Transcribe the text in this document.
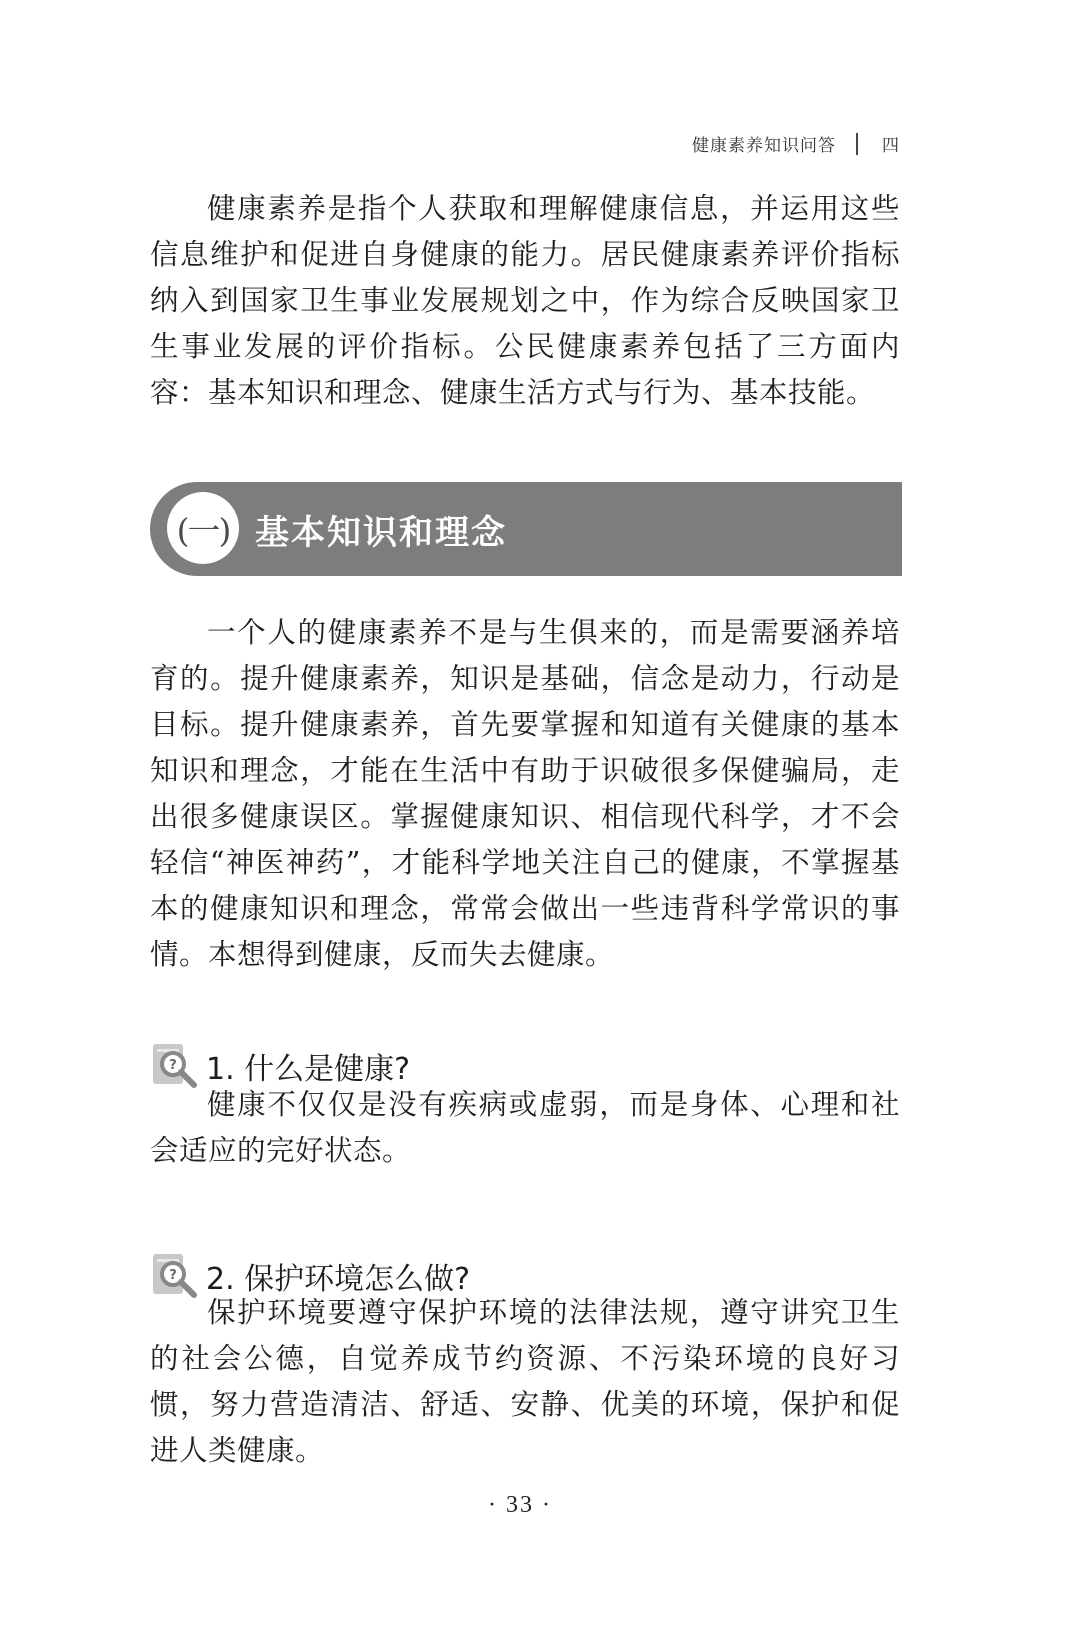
健康素养知识问答	四

健康素养是指个人获取和理解健康信息，并运用这些信息维护和促进自身健康的能力。居民健康素养评价指标纳入到国家卫生事业发展规划之中，作为综合反映国家卫生事业发展的评价指标。公民健康素养包括了三方面内容：基本知识和理念、健康生活方式与行为、基本技能。

(一) 基本知识和理念

一个人的健康素养不是与生俱来的，而是需要涵养培育的。提升健康素养，知识是基础，信念是动力，行动是目标。提升健康素养，首先要掌握和知道有关健康的基本知识和理念，才能在生活中有助于识破很多保健骗局，走出很多健康误区。掌握健康知识、相信现代科学，才不会轻信“神医神药”，才能科学地关注自己的健康，不掌握基本的健康知识和理念，常常会做出一些违背科学常识的事情。本想得到健康，反而失去健康。

? 1. 什么是健康?

健康不仅仅是没有疾病或虚弱，而是身体、心理和社会适应的完好状态。

? 2. 保护环境怎么做?

保护环境要遵守保护环境的法律法规，遵守讲究卫生的社会公德，自觉养成节约资源、不污染环境的良好习惯，努力营造清洁、舒适、安静、优美的环境，保护和促进人类健康。

· 33 ·
